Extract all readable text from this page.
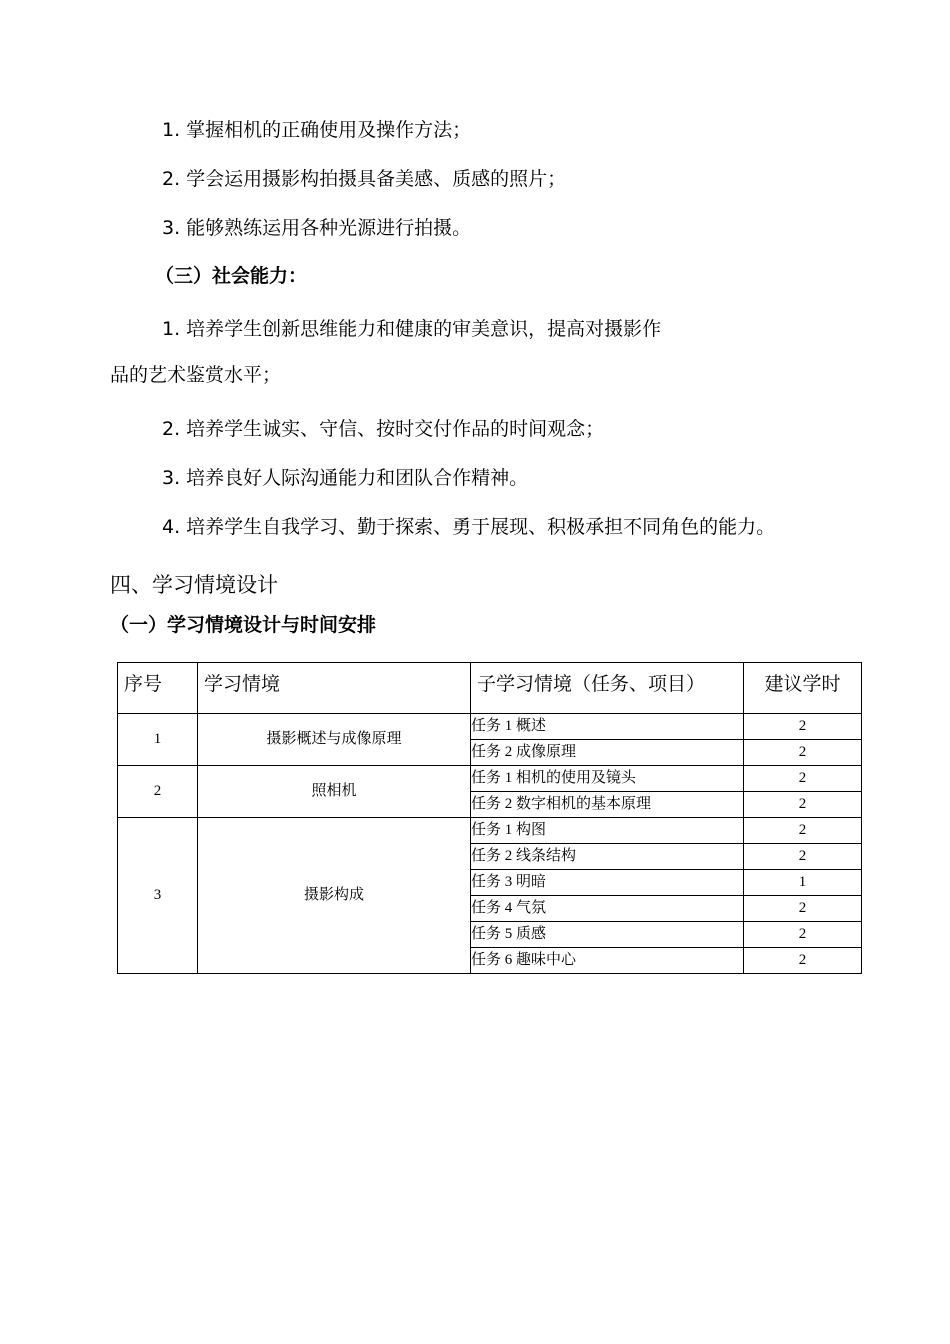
1. 掌握相机的正确使用及操作方法；
2. 学会运用摄影构拍摄具备美感、质感的照片；
3. 能够熟练运用各种光源进行拍摄。
（三）社会能力：
1. 培养学生创新思维能力和健康的审美意识，提高对摄影作
品的艺术鉴赏水平；
2. 培养学生诚实、守信、按时交付作品的时间观念；
3. 培养良好人际沟通能力和团队合作精神。
4. 培养学生自我学习、勤于探索、勇于展现、积极承担不同角色的能力。
四、学习情境设计
（一）学习情境设计与时间安排
序号	学习情境	子学习情境（任务、项目）	建议学时
1	摄影概述与成像原理	任务 1 概述	2
		任务 2 成像原理	2
2	照相机	任务 1 相机的使用及镜头	2
		任务 2 数字相机的基本原理	2
3	摄影构成	任务 1 构图	2
		任务 2 线条结构	2
		任务 3 明暗	1
		任务 4 气氛	2
		任务 5 质感	2
		任务 6 趣味中心	2
